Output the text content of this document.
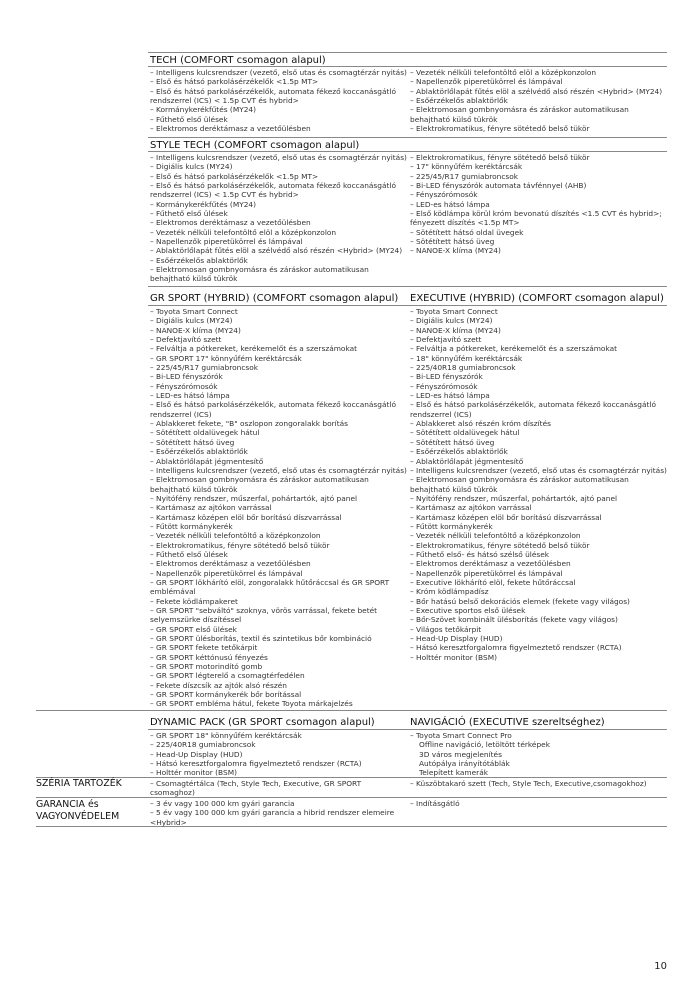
TECH (COMFORT csomagon alapul)
– Intelligens kulcsrendszer (vezető, első utas és csomagtérzár nyitás)
– Első és hátsó parkolásérzékelők <1.5p MT>
– Első és hátsó parkolásérzékelők, automata fékező koccanásgátló rendszerrel (ICS) < 1.5p CVT és hybrid>
– Kormánykerékfűtés (MY24)
– Fűthető első ülések
– Elektromos deréktámasz a vezetőülésben
– Vezeték nélküli telefontöltő elöl a középkonzolon
– Napellenzők piperetükörrel és lámpával
– Ablaktörlőlapát fűtés elöl a szélvédő alsó részén <Hybrid> (MY24)
– Esőérzékelős ablaktörlők
– Elektromosan gombnyomásra és záráskor automatikusan behajtható külső tükrök
– Elektrokromatikus, fényre sötétedő belső tükör
STYLE TECH (COMFORT csomagon alapul)
– Intelligens kulcsrendszer (vezető, első utas és csomagtérzár nyitás)
– Digiális kulcs (MY24)
– Első és hátsó parkolásérzékelők <1.5p MT>
– Első és hátsó parkolásérzékelők, automata fékező koccanásgátló rendszerrel (ICS) < 1.5p CVT és hybrid>
– Kormánykerékfűtés (MY24)
– Fűthető első ülések
– Elektromos deréktámasz a vezetőülésben
– Vezeték nélküli telefontöltő elöl a középkonzolon
– Napellenzők piperetükörrel és lámpával
– Ablaktörlőlapát fűtés elöl a szélvédő alsó részén <Hybrid> (MY24)
– Esőérzékelős ablaktörlők
– Elektromosan gombnyomásra és záráskor automatikusan behajtható külső tükrök
– Elektrokromatikus, fényre sötétedő belső tükör
– 17" könnyűfém keréktárcsák
– 225/45/R17 gumiabroncsok
– Bi-LED fényszórók automata távfénnyel (AHB)
– Fényszórómosók
– LED-es hátsó lámpa
– Első ködlámpa körül króm bevonatú díszítés <1.5 CVT és hybrid>; fényezett díszítés <1.5p MT>
– Sötétített hátsó oldal üvegek
– Sötétített hátsó üveg
– NANOE-X klíma (MY24)
GR SPORT (HYBRID) (COMFORT csomagon alapul)
– Toyota Smart Connect
– Digiális kulcs (MY24)
– NANOE-X klíma (MY24)
– Defektjavító szett
– Felváltja a pótkereket, kerékemelőt és a szerszámokat
– GR SPORT 17" könnyűfém keréktárcsák
– 225/45/R17 gumiabroncsok
– Bi-LED fényszórók
– Fényszórómosók
– LED-es hátsó lámpa
– Első és hátsó parkolásérzékelők, automata fékező koccanásgátló rendszerrel (ICS)
– Ablakkeret fekete, "B" oszlopon zongoralakk borítás
– Sötétített oldalüvegek hátul
– Sötétített hátsó üveg
– Esőérzékelős ablaktörlők
– Ablaktörlőlapát jégmentesítő
– Intelligens kulcsrendszer (vezető, első utas és csomagtérzár nyitás)
– Elektromosan gombnyomásra és záráskor automatikusan behajtható külső tükrök
– Nyitófény rendszer, műszerfal, pohártartók, ajtó panel
– Kartámasz az ajtókon varrással
– Kartámasz középen elöl bőr borítású díszvarrással
– Fűtött kormánykerék
– Vezeték nélküli telefontöltő a középkonzolon
– Elektrokromatikus, fényre sötétedő belső tükör
– Fűthető első ülések
– Elektromos deréktámasz a vezetőülésben
– Napellenzők piperetükörrel és lámpával
– GR SPORT lökhárító elöl, zongoralakk hűtőráccsal és GR SPORT emblémával
– Fekete ködlámpakeret
– GR SPORT "sebváltó" szoknya, vörös varrással, fekete betét selyemszürke díszítéssel
– GR SPORT első ülések
– GR SPORT ülésborítás, textil és szintetikus bőr kombináció
– GR SPORT fekete tetőkárpit
– GR SPORT kéttónusú fényezés
– GR SPORT motorindító gomb
– GR SPORT légterelő a csomagtérfedélen
– Fekete díszcsík az ajtók alsó részén
– GR SPORT kormánykerék bőr borítással
– GR SPORT embléma hátul, fekete Toyota márkajelzés
EXECUTIVE (HYBRID) (COMFORT csomagon alapul)
– Toyota Smart Connect
– Digiális kulcs (MY24)
– NANOE-X klíma (MY24)
– Defektjavító szett
– Felváltja a pótkereket, kerékemelőt és a szerszámokat
– 18" könnyűfém keréktárcsák
– 225/40R18 gumiabroncsok
– Bi-LED fényszórók
– Fényszórómosók
– LED-es hátsó lámpa
– Első és hátsó parkolásérzékelők, automata fékező koccanásgátló rendszerrel (ICS)
– Ablakkeret alsó részén króm díszítés
– Sötétített oldalüvegek hátul
– Sötétített hátsó üveg
– Esőérzékelős ablaktörlők
– Ablaktörlőlapát jégmentesítő
– Intelligens kulcsrendszer (vezető, első utas és csomagtérzár nyitás)
– Elektromosan gombnyomásra és záráskor automatikusan behajtható külső tükrök
– Nyitófény rendszer, műszerfal, pohártartók, ajtó panel
– Kartámasz az ajtókon varrással
– Kartámasz középen elöl bőr borítású díszvarrással
– Fűtött kormánykerék
– Vezeték nélküli telefontöltő a középkonzolon
– Elektrokromatikus, fényre sötétedő belső tükör
– Fűthető első- és hátsó szélső ülések
– Elektromos deréktámasz a vezetőülésben
– Napellenzők piperetükörrel és lámpával
– Executive lökhárító elöl, fekete hűtőráccsal
– Króm ködlámpadísz
– Bőr hatású belső dekorációs elemek (fekete vagy világos)
– Executive sportos első ülések
– Bőr-Szövet kombinált ülésborítás (fekete vagy világos)
– Világos tetőkárpit
– Head-Up Display (HUD)
– Hátsó keresztforgalomra figyelmeztető rendszer (RCTA)
– Holttér monitor (BSM)
DYNAMIC PACK (GR SPORT csomagon alapul)
– GR SPORT 18" könnyűfém keréktárcsák
– 225/40R18 gumiabroncsok
– Head-Up Display (HUD)
– Hátsó keresztforgalomra figyelmeztető rendszer (RCTA)
– Holttér monitor (BSM)
NAVIGÁCIÓ (EXECUTIVE szereltséghez)
– Toyota Smart Connect Pro
Offline navigáció, letöltött térképek
3D város megjelenítés
Autópálya irányítótáblák
Telepített kamerák
SZÉRIA TARTOZÉK	– Csomagtértálca (Tech, Style Tech, Executive, GR SPORT csomaghoz)
– Küszöbtakaró szett (Tech, Style Tech, Executive,csomagokhoz)
GARANCIA és
VAGYONVÉDELEM
– 3 év vagy 100 000 km gyári garancia
– 5 év vagy 100 000 km gyári garancia a hibrid rendszer elemeire <Hybrid>
– Indításgátló
10
